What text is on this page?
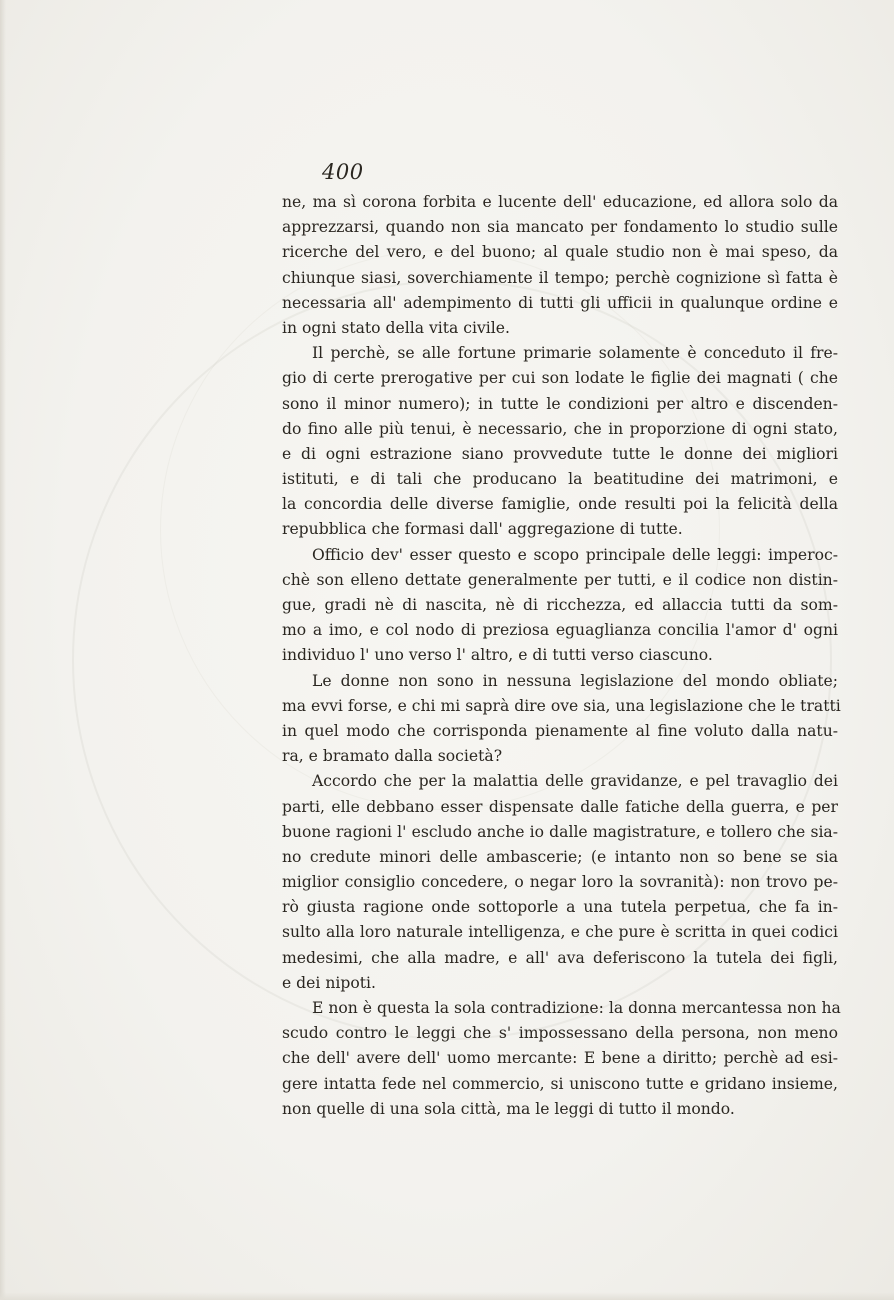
400
ne, ma sì corona forbita e lucente dell' educazione, ed allora solo da
apprezzarsi, quando non sia mancato per fondamento lo studio sulle
ricerche del vero, e del buono; al quale studio non è mai speso, da
chiunque siasi, soverchiamente il tempo; perchè cognizione sì fatta è
necessaria all' adempimento di tutti gli ufficii in qualunque ordine e
in ogni stato della vita civile.
Il perchè, se alle fortune primarie solamente è conceduto il fre-
gio di certe prerogative per cui son lodate le figlie dei magnati ( che
sono il minor numero); in tutte le condizioni per altro e discenden-
do fino alle più tenui, è necessario, che in proporzione di ogni stato,
e di ogni estrazione siano provvedute tutte le donne dei migliori
istituti, e di tali che producano la beatitudine dei matrimoni, e
la concordia delle diverse famiglie, onde resulti poi la felicità della
repubblica che formasi dall' aggregazione di tutte.
Officio dev' esser questo e scopo principale delle leggi: imperoc-
chè son elleno dettate generalmente per tutti, e il codice non distin-
gue, gradi nè di nascita, nè di ricchezza, ed allaccia tutti da som-
mo a imo, e col nodo di preziosa eguaglianza concilia l'amor d' ogni
individuo l' uno verso l' altro, e di tutti verso ciascuno.
Le donne non sono in nessuna legislazione del mondo obliate;
ma evvi forse, e chi mi saprà dire ove sia, una legislazione che le tratti
in quel modo che corrisponda pienamente al fine voluto dalla natu-
ra, e bramato dalla società?
Accordo che per la malattia delle gravidanze, e pel travaglio dei
parti, elle debbano esser dispensate dalle fatiche della guerra, e per
buone ragioni l' escludo anche io dalle magistrature, e tollero che sia-
no credute minori delle ambascerie; (e intanto non so bene se sia
miglior consiglio concedere, o negar loro la sovranità): non trovo pe-
rò giusta ragione onde sottoporle a una tutela perpetua, che fa in-
sulto alla loro naturale intelligenza, e che pure è scritta in quei codici
medesimi, che alla madre, e all' ava deferiscono la tutela dei figli,
e dei nipoti.
E non è questa la sola contradizione: la donna mercantessa non ha
scudo contro le leggi che s' impossessano della persona, non meno
che dell' avere dell' uomo mercante: E bene a diritto; perchè ad esi-
gere intatta fede nel commercio, si uniscono tutte e gridano insieme,
non quelle di una sola città, ma le leggi di tutto il mondo.
